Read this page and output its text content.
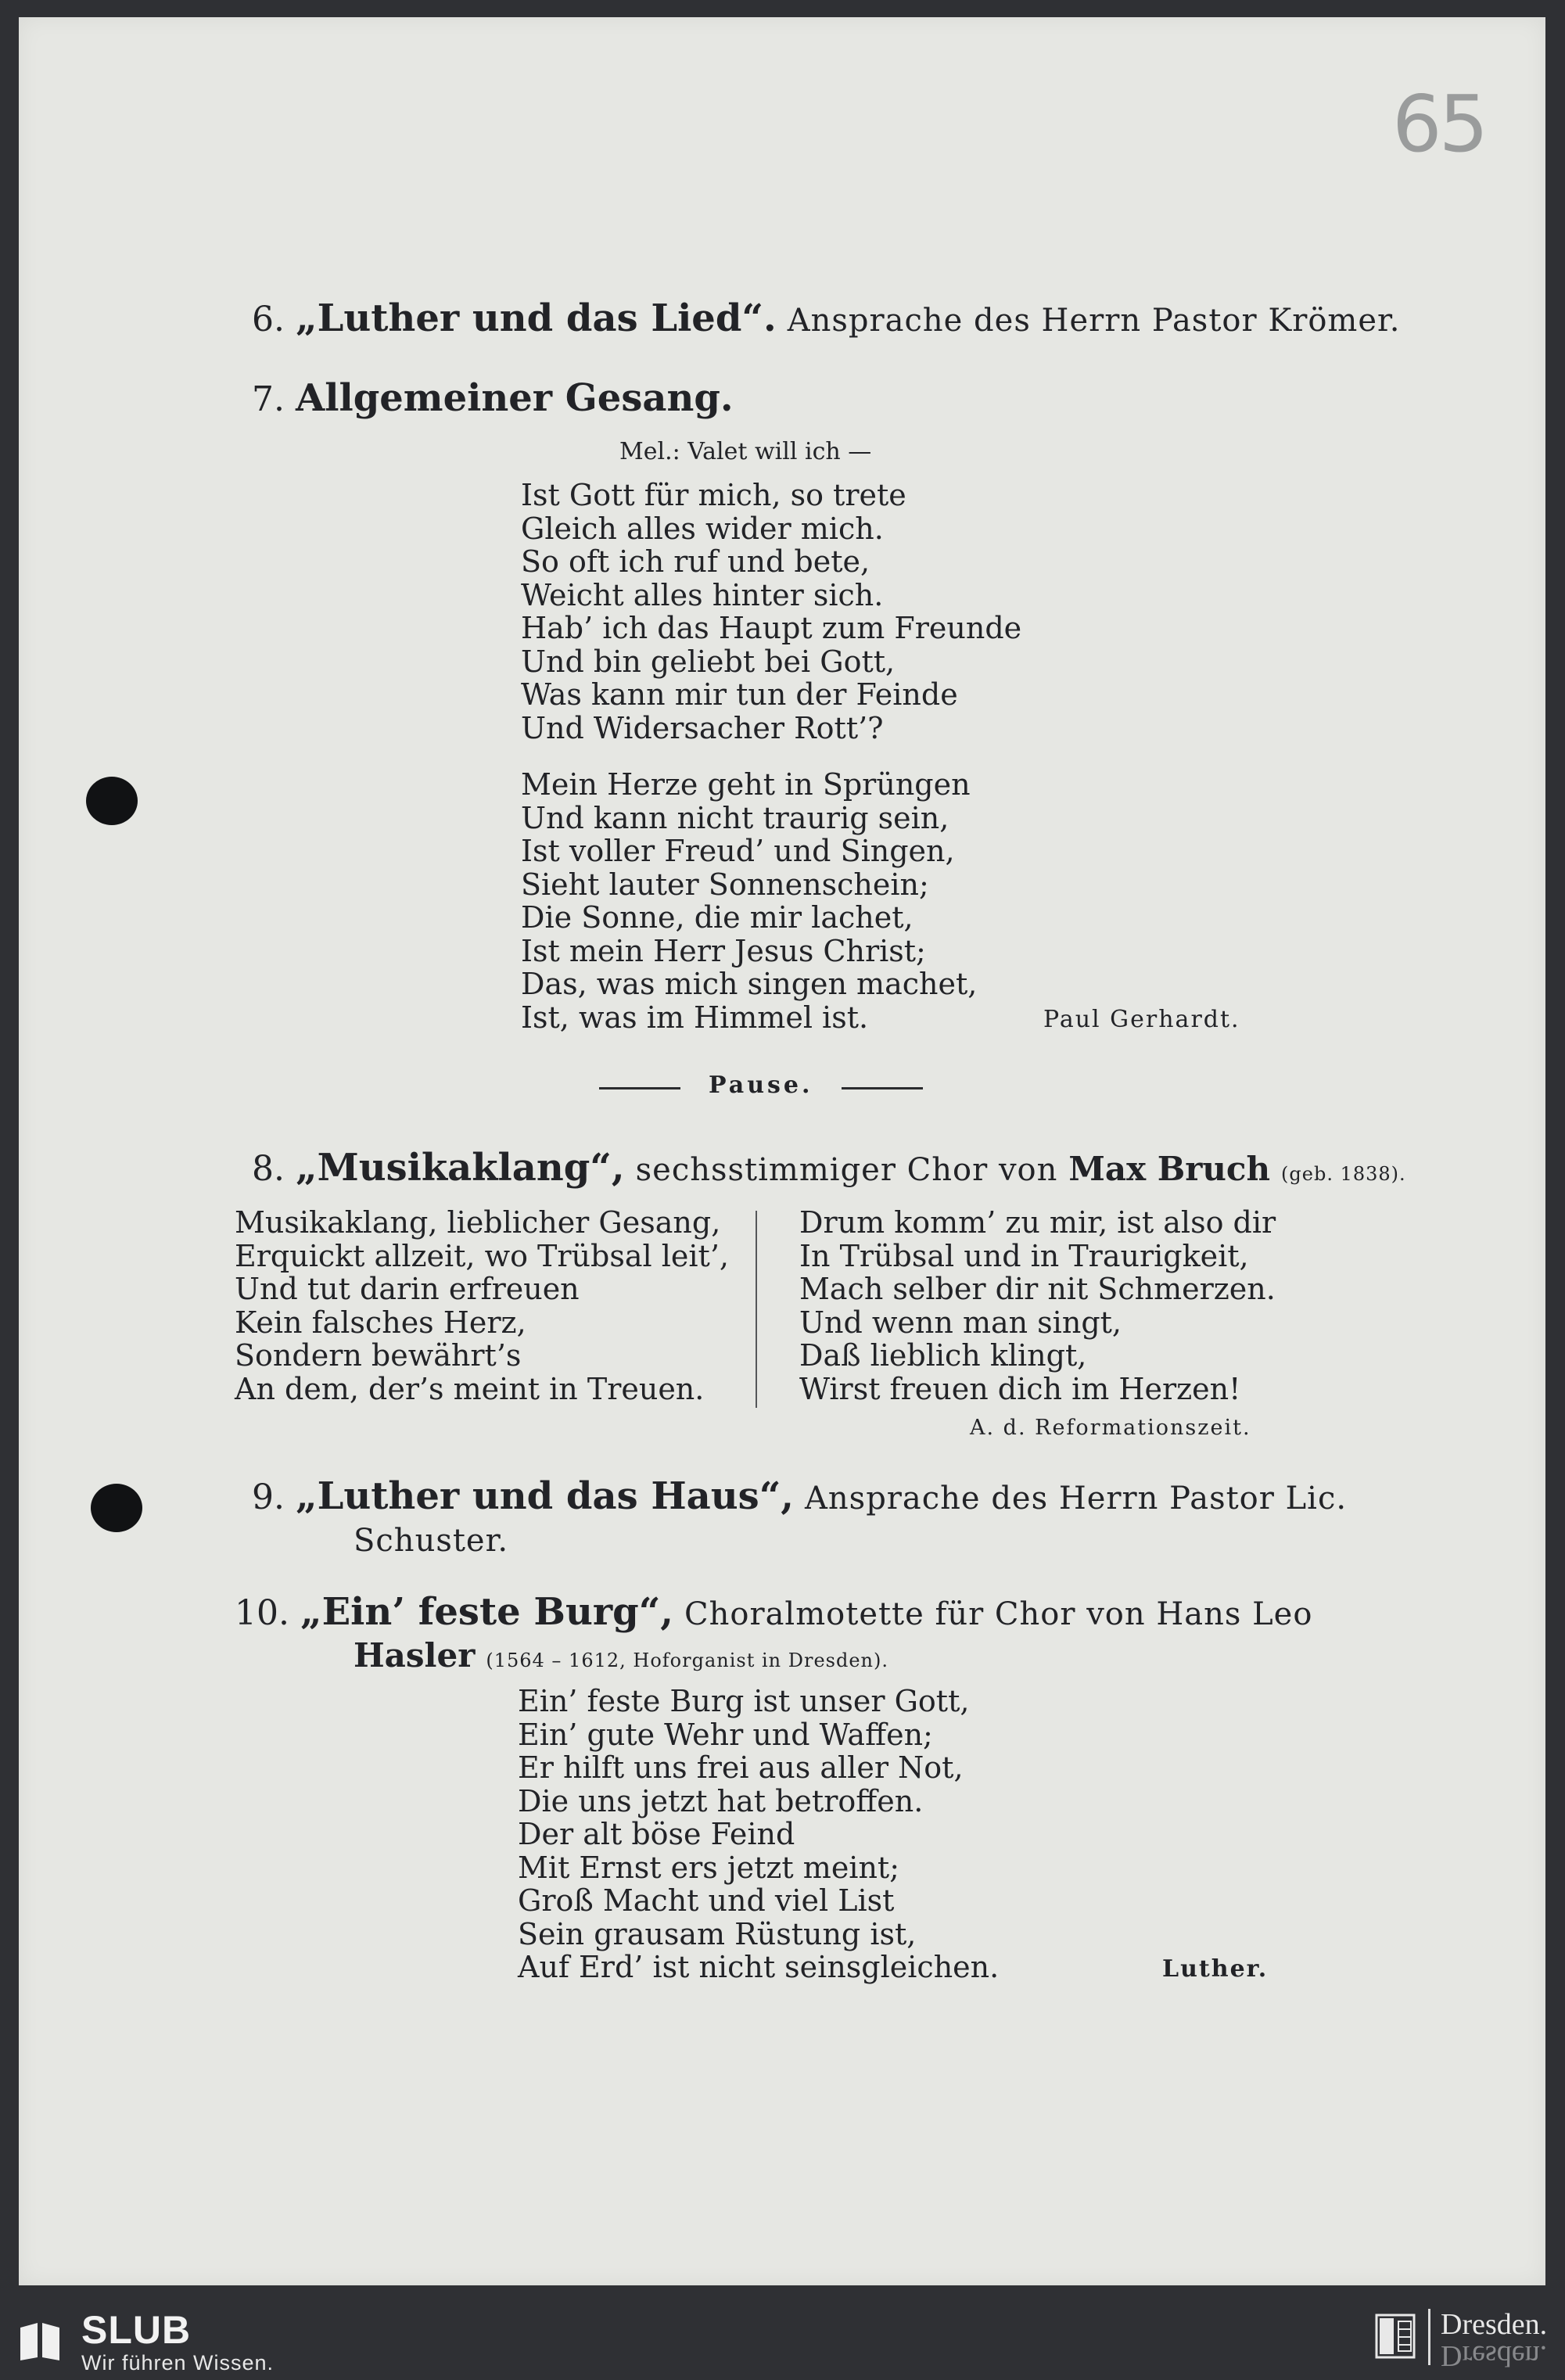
65
6. „Luther und das Lied“. Ansprache des Herrn Pastor Krömer.
7. Allgemeiner Gesang.
Mel.: Valet will ich —
Ist Gott für mich, so trete
Gleich alles wider mich.
So oft ich ruf und bete,
Weicht alles hinter sich.
Hab’ ich das Haupt zum Freunde
Und bin geliebt bei Gott,
Was kann mir tun der Feinde
Und Widersacher Rott’?
Mein Herze geht in Sprüngen
Und kann nicht traurig sein,
Ist voller Freud’ und Singen,
Sieht lauter Sonnenschein;
Die Sonne, die mir lachet,
Ist mein Herr Jesus Christ;
Das, was mich singen machet,
Ist, was im Himmel ist.	Paul Gerhardt.
Pause.
8. „Musikaklang“, sechsstimmiger Chor von Max Bruch (geb. 1838).
Musikaklang, lieblicher Gesang,
Erquickt allzeit, wo Trübsal leit’,
Und tut darin erfreuen
Kein falsches Herz,
Sondern bewährt’s
An dem, der’s meint in Treuen.
Drum komm’ zu mir, ist also dir
In Trübsal und in Traurigkeit,
Mach selber dir nit Schmerzen.
Und wenn man singt,
Daß lieblich klingt,
Wirst freuen dich im Herzen!
A. d. Reformationszeit.
9. „Luther und das Haus“, Ansprache des Herrn Pastor Lic.
Schuster.
10. „Ein’ feste Burg“, Choralmotette für Chor von Hans Leo
Hasler (1564 – 1612, Hoforganist in Dresden).
Ein’ feste Burg ist unser Gott,
Ein’ gute Wehr und Waffen;
Er hilft uns frei aus aller Not,
Die uns jetzt hat betroffen.
Der alt böse Feind
Mit Ernst ers jetzt meint;
Groß Macht und viel List
Sein grausam Rüstung ist,
Auf Erd’ ist nicht seinsgleichen.	Luther.
SLUB
Wir führen Wissen.
Dresden.
Dresden.
